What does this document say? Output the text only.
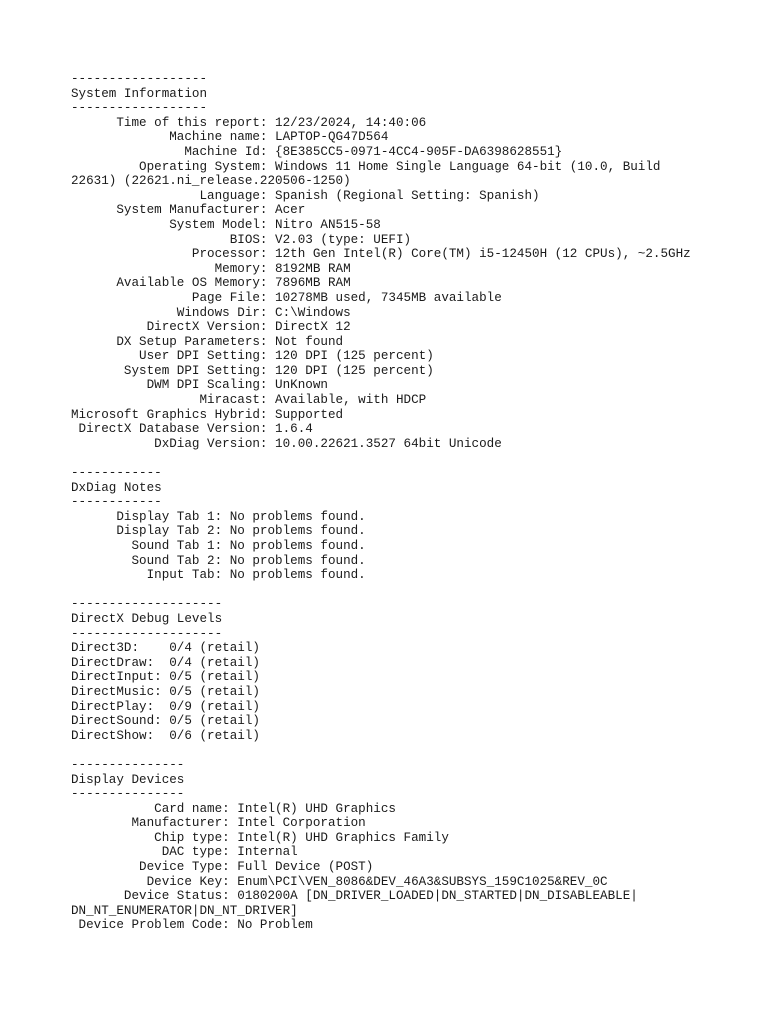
------------------
System Information
------------------
Time of this report: 12/23/2024, 14:40:06
Machine name: LAPTOP-QG47D564
Machine Id: {8E385CC5-0971-4CC4-905F-DA6398628551}
Operating System: Windows 11 Home Single Language 64-bit (10.0, Build
22631) (22621.ni_release.220506-1250)
Language: Spanish (Regional Setting: Spanish)
System Manufacturer: Acer
System Model: Nitro AN515-58
BIOS: V2.03 (type: UEFI)
Processor: 12th Gen Intel(R) Core(TM) i5-12450H (12 CPUs), ~2.5GHz
Memory: 8192MB RAM
Available OS Memory: 7896MB RAM
Page File: 10278MB used, 7345MB available
Windows Dir: C:\Windows
DirectX Version: DirectX 12
DX Setup Parameters: Not found
User DPI Setting: 120 DPI (125 percent)
System DPI Setting: 120 DPI (125 percent)
DWM DPI Scaling: UnKnown
Miracast: Available, with HDCP
Microsoft Graphics Hybrid: Supported
DirectX Database Version: 1.6.4
DxDiag Version: 10.00.22621.3527 64bit Unicode
------------
DxDiag Notes
------------
Display Tab 1: No problems found.
Display Tab 2: No problems found.
Sound Tab 1: No problems found.
Sound Tab 2: No problems found.
Input Tab: No problems found.
--------------------
DirectX Debug Levels
--------------------
Direct3D:    0/4 (retail)
DirectDraw:  0/4 (retail)
DirectInput: 0/5 (retail)
DirectMusic: 0/5 (retail)
DirectPlay:  0/9 (retail)
DirectSound: 0/5 (retail)
DirectShow:  0/6 (retail)
---------------
Display Devices
---------------
Card name: Intel(R) UHD Graphics
Manufacturer: Intel Corporation
Chip type: Intel(R) UHD Graphics Family
DAC type: Internal
Device Type: Full Device (POST)
Device Key: Enum\PCI\VEN_8086&DEV_46A3&SUBSYS_159C1025&REV_0C
Device Status: 0180200A [DN_DRIVER_LOADED|DN_STARTED|DN_DISABLEABLE|
DN_NT_ENUMERATOR|DN_NT_DRIVER]
Device Problem Code: No Problem
